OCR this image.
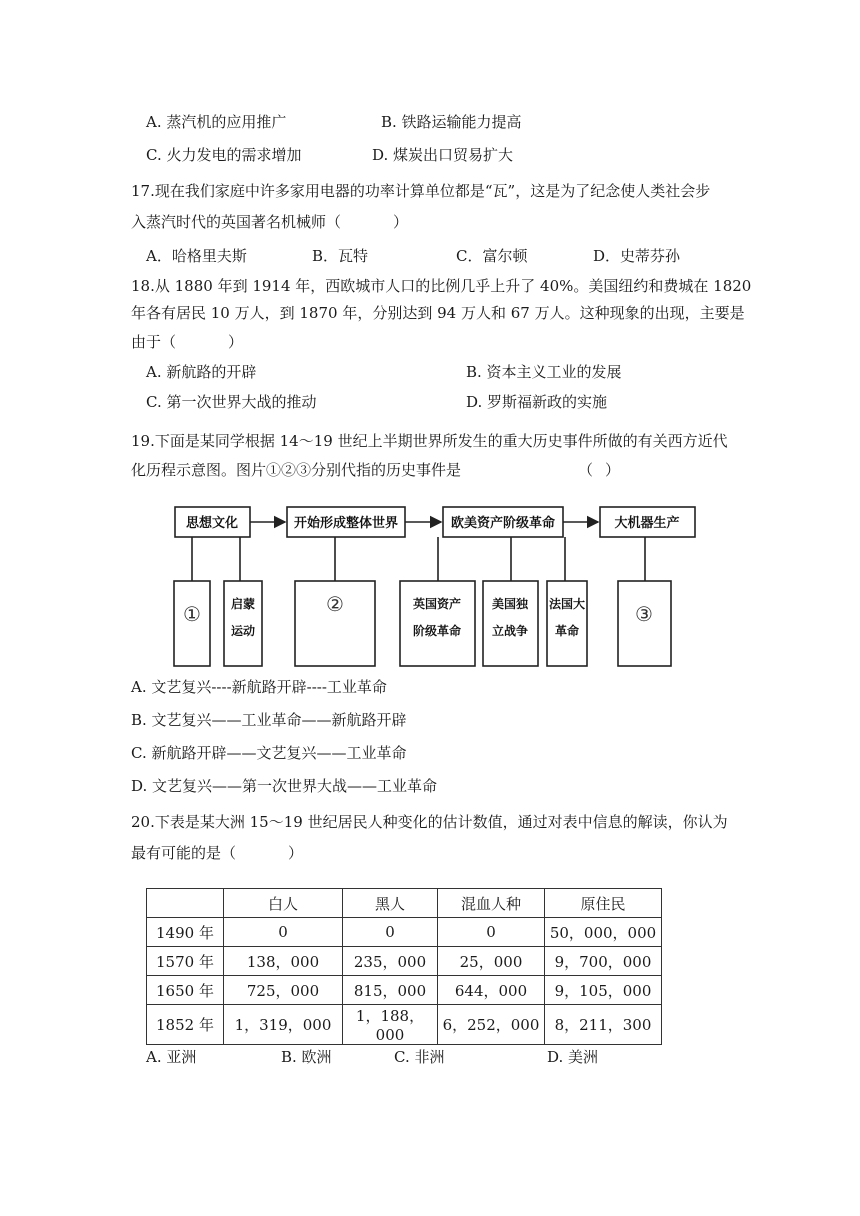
A. 蒸汽机的应用推广	B. 铁路运输能力提高
C. 火力发电的需求增加	D. 煤炭出口贸易扩大
17.现在我们家庭中许多家用电器的功率计算单位都是“瓦”，这是为了纪念使人类社会步
入蒸汽时代的英国著名机械师（	）
A．哈格里夫斯	B．瓦特	C．富尔顿	D．史蒂芬孙
18.从 1880 年到 1914 年，西欧城市人口的比例几乎上升了 40%。美国纽约和费城在 1820
年各有居民 10 万人，到 1870 年，分别达到 94 万人和 67 万人。这种现象的出现，主要是
由于（	）
A. 新航路的开辟	B. 资本主义工业的发展
C. 第一次世界大战的推动	D. 罗斯福新政的实施
19.下面是某同学根据 14～19 世纪上半期世界所发生的重大历史事件所做的有关西方近代
化历程示意图。图片①②③分别代指的历史事件是	（ ）
思想文化	开始形成整体世界	欧美资产阶级革命	大机器生产
启蒙
运动
英国资产
阶级革命
美国独
立战争
法国大
革命
①	②	③
A. 文艺复兴----新航路开辟----工业革命
B. 文艺复兴——工业革命——新航路开辟
C. 新航路开辟——文艺复兴——工业革命
D. 文艺复兴——第一次世界大战——工业革命
20.下表是某大洲 15～19 世纪居民人种变化的估计数值，通过对表中信息的解读，你认为
最有可能的是（	）
	白人	黑人	混血人种	原住民
1490 年	0	0	0	50，000，000
1570 年	138，000	235，000	25，000	9，700，000
1650 年	725，000	815，000	644，000	9，105，000
1852 年	1，319，000	1，188，000	6，252，000	8，211，300
A. 亚洲	B. 欧洲	C. 非洲	D. 美洲
